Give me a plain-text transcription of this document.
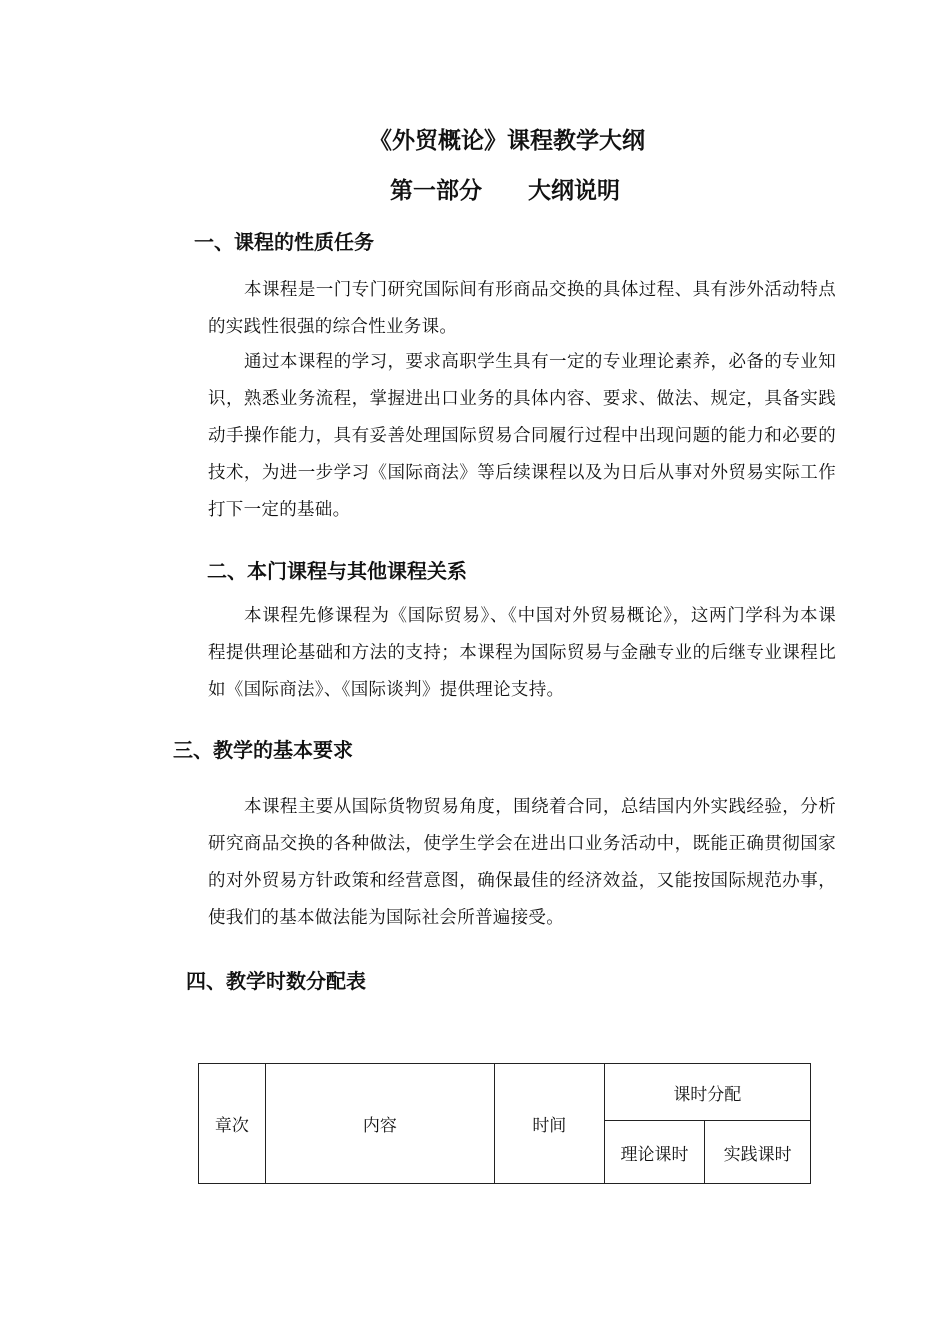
《外贸概论》课程教学大纲
第一部分 大纲说明
一、课程的性质任务

本课程是一门专门研究国际间有形商品交换的具体过程、具有涉外活动特点的实践性很强的综合性业务课。

通过本课程的学习，要求高职学生具有一定的专业理论素养，必备的专业知识，熟悉业务流程，掌握进出口业务的具体内容、要求、做法、规定，具备实践动手操作能力，具有妥善处理国际贸易合同履行过程中出现问题的能力和必要的技术，为进一步学习《国际商法》等后续课程以及为日后从事对外贸易实际工作打下一定的基础。

二、本门课程与其他课程关系

本课程先修课程为《国际贸易》、《中国对外贸易概论》，这两门学科为本课程提供理论基础和方法的支持；本课程为国际贸易与金融专业的后继专业课程比如《国际商法》、《国际谈判》提供理论支持。

三、教学的基本要求

本课程主要从国际货物贸易角度，围绕着合同，总结国内外实践经验，分析研究商品交换的各种做法，使学生学会在进出口业务活动中，既能正确贯彻国家的对外贸易方针政策和经营意图，确保最佳的经济效益，又能按国际规范办事，使我们的基本做法能为国际社会所普遍接受。

四、教学时数分配表
章次	内容	时间	课时分配	
			理论课时	实践课时
